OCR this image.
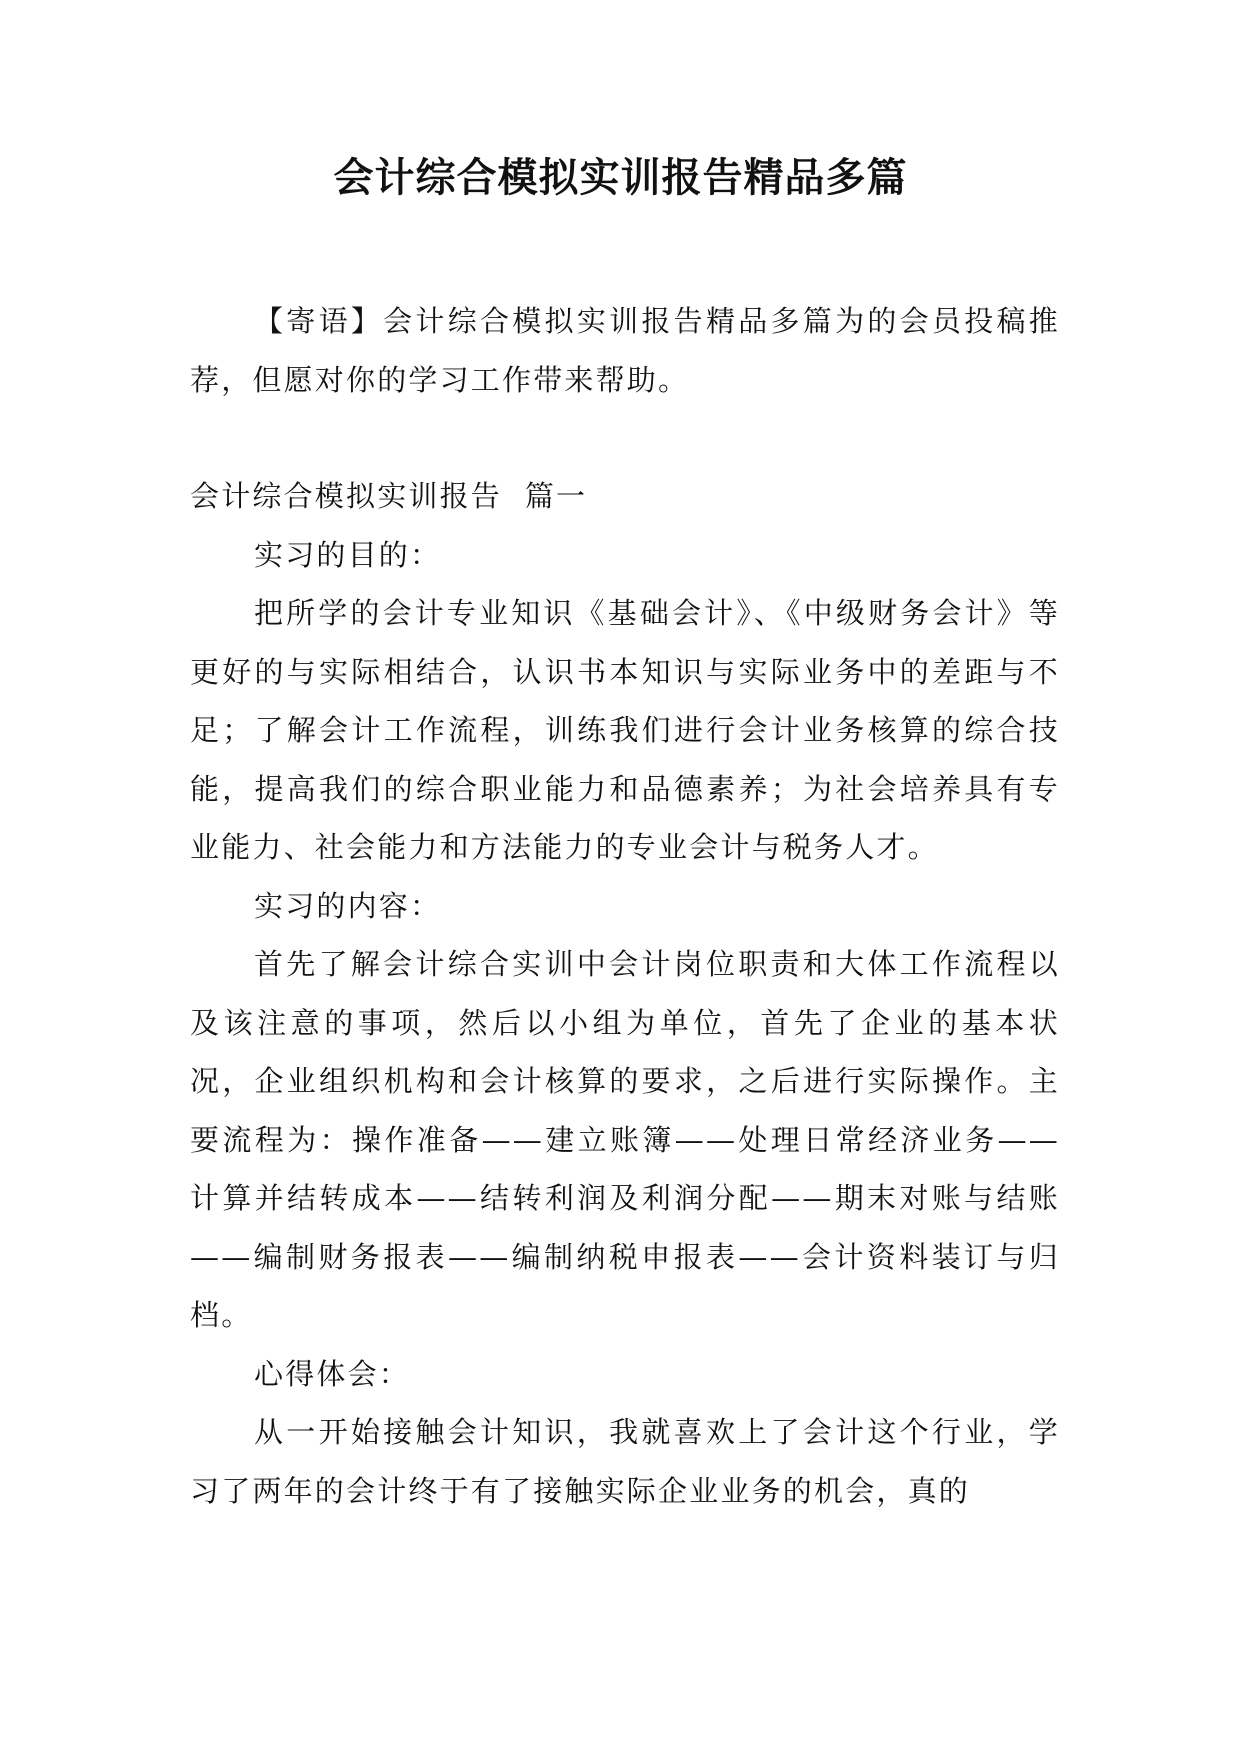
会计综合模拟实训报告精品多篇

【寄语】会计综合模拟实训报告精品多篇为的会员投稿推荐，但愿对你的学习工作带来帮助。

会计综合模拟实训报告  篇一

实习的目的：

把所学的会计专业知识《基础会计》、《中级财务会计》等更好的与实际相结合，认识书本知识与实际业务中的差距与不足；了解会计工作流程，训练我们进行会计业务核算的综合技能，提高我们的综合职业能力和品德素养；为社会培养具有专业能力、社会能力和方法能力的专业会计与税务人才。

实习的内容：

首先了解会计综合实训中会计岗位职责和大体工作流程以及该注意的事项，然后以小组为单位，首先了企业的基本状况，企业组织机构和会计核算的要求，之后进行实际操作。主要流程为：操作准备——建立账簿——处理日常经济业务——计算并结转成本——结转利润及利润分配——期末对账与结账——编制财务报表——编制纳税申报表——会计资料装订与归档。

心得体会：

从一开始接触会计知识，我就喜欢上了会计这个行业，学习了两年的会计终于有了接触实际企业业务的机会，真的
